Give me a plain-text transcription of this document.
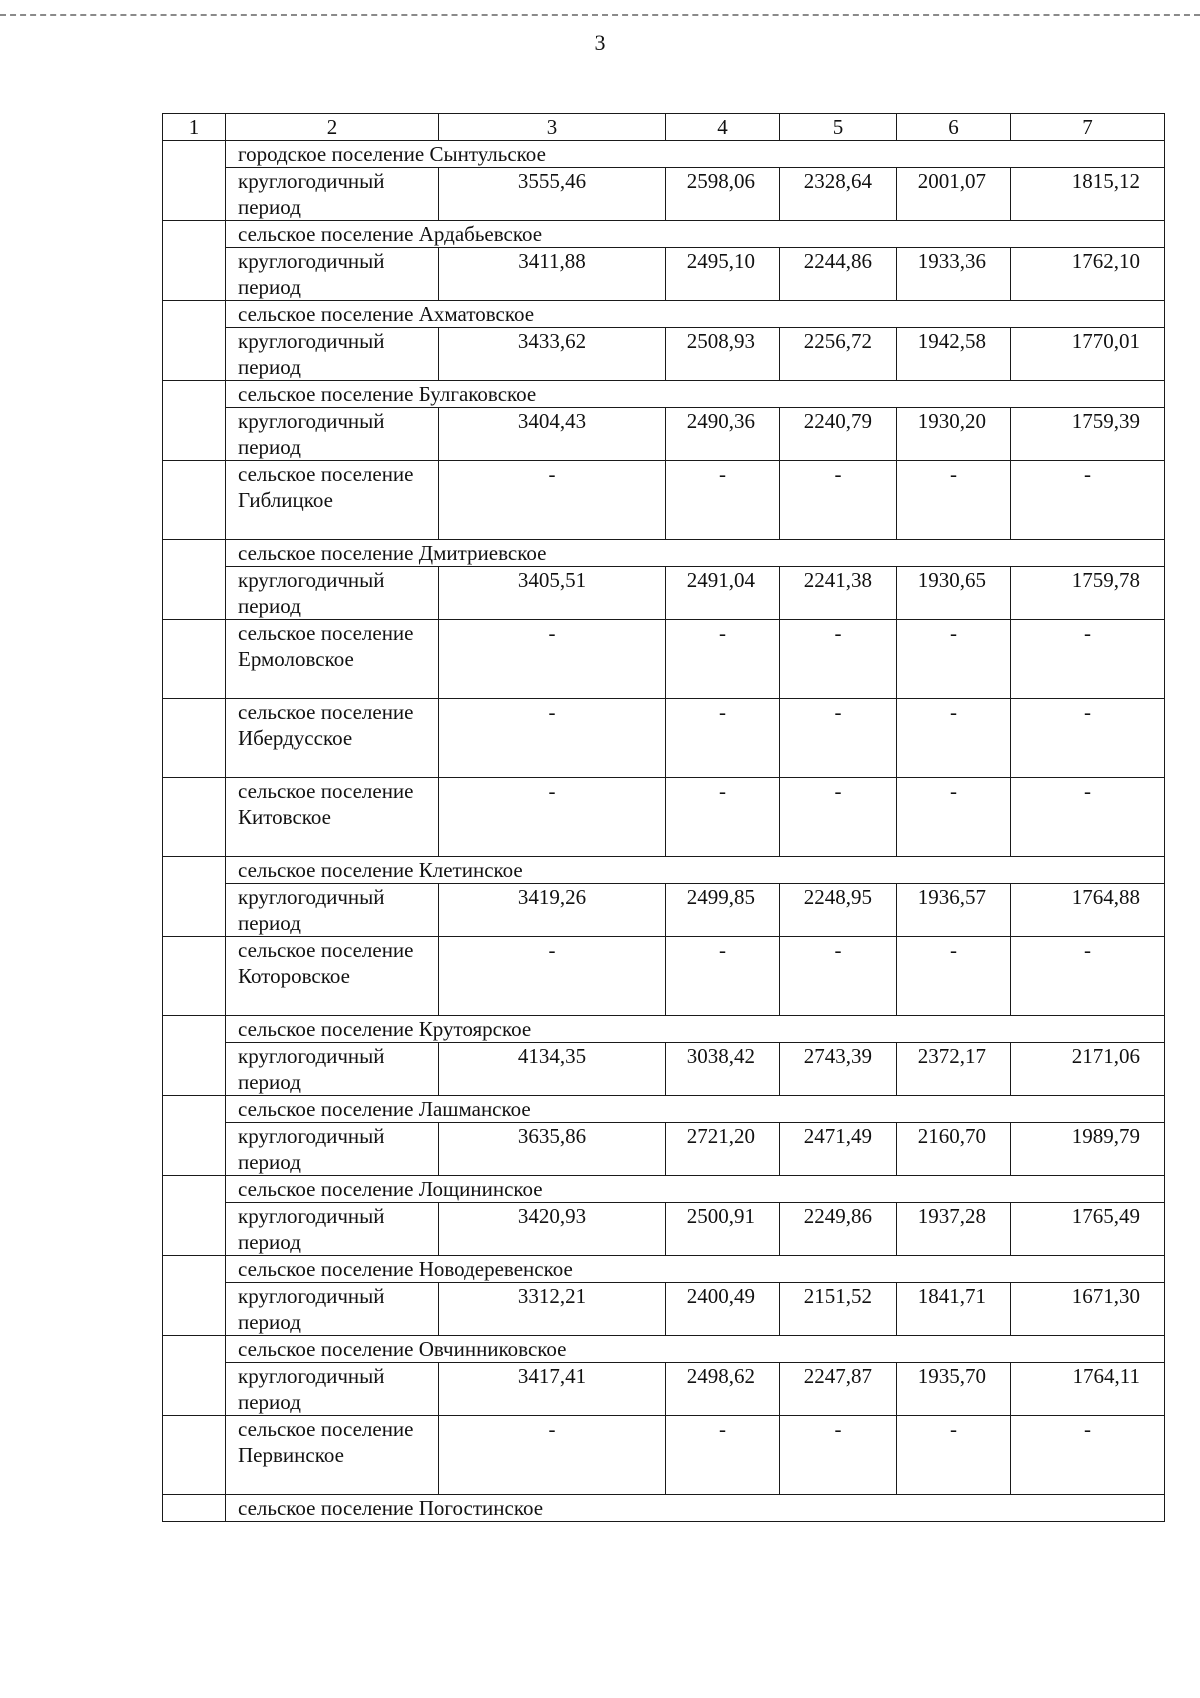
3
1	2	3	4	5	6	7
	городское поселение Сынтульское					
	круглогодичный период	3555,46	2598,06	2328,64	2001,07	1815,12
	сельское поселение Ардабьевское					
	круглогодичный период	3411,88	2495,10	2244,86	1933,36	1762,10
	сельское поселение Ахматовское					
	круглогодичный период	3433,62	2508,93	2256,72	1942,58	1770,01
	сельское поселение Булгаковское					
	круглогодичный период	3404,43	2490,36	2240,79	1930,20	1759,39
	сельское поселение Гиблицкое	-	-	-	-	-
	сельское поселение Дмитриевское					
	круглогодичный период	3405,51	2491,04	2241,38	1930,65	1759,78
	сельское поселение Ермоловское	-	-	-	-	-
	сельское поселение Ибердусское	-	-	-	-	-
	сельское поселение Китовское	-	-	-	-	-
	сельское поселение Клетинское					
	круглогодичный период	3419,26	2499,85	2248,95	1936,57	1764,88
	сельское поселение Которовское	-	-	-	-	-
	сельское поселение Крутоярское					
	круглогодичный период	4134,35	3038,42	2743,39	2372,17	2171,06
	сельское поселение Лашманское					
	круглогодичный период	3635,86	2721,20	2471,49	2160,70	1989,79
	сельское поселение Лощининское					
	круглогодичный период	3420,93	2500,91	2249,86	1937,28	1765,49
	сельское поселение Новодеревенское					
	круглогодичный период	3312,21	2400,49	2151,52	1841,71	1671,30
	сельское поселение Овчинниковское					
	круглогодичный период	3417,41	2498,62	2247,87	1935,70	1764,11
	сельское поселение Первинское	-	-	-	-	-
	сельское поселение Погостинское					
